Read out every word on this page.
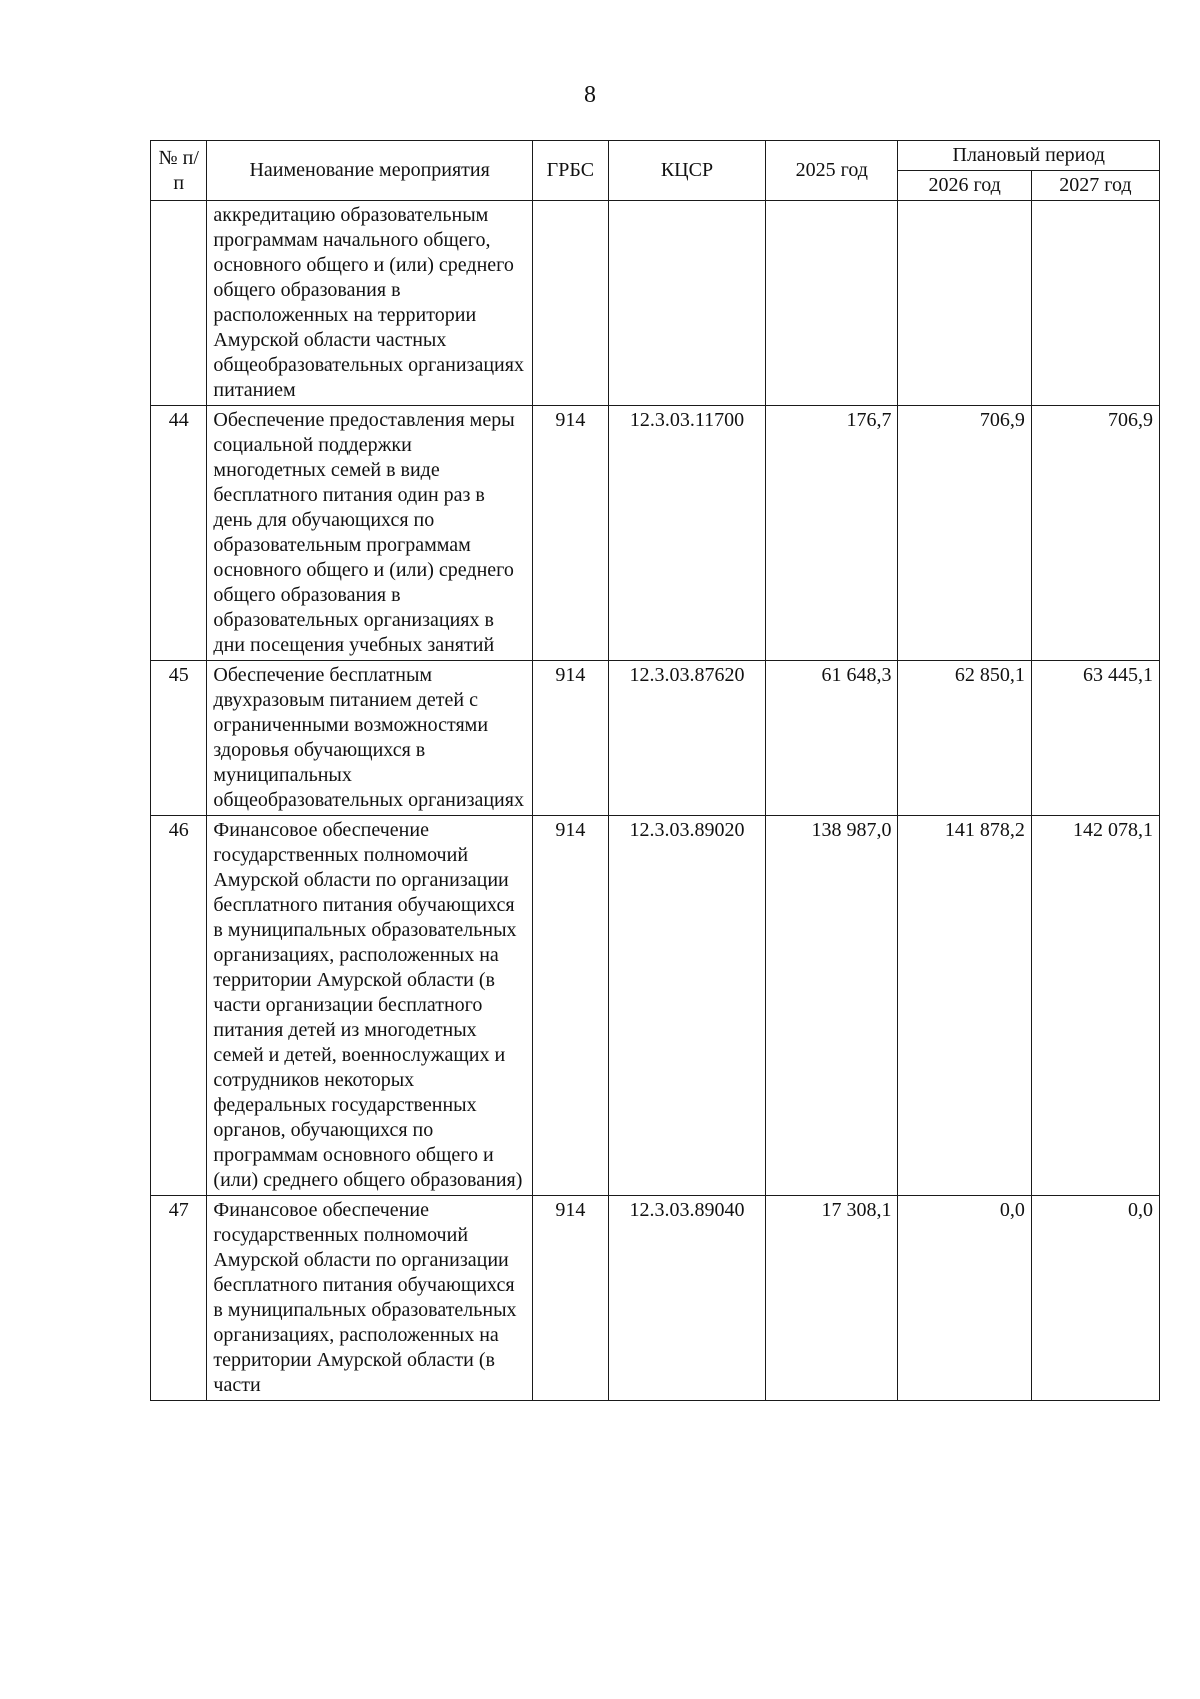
8
№ п/п	Наименование мероприятия	ГРБС	КЦСР	2025 год	Плановый период	
					2026 год	2027 год
	аккредитацию образовательным программам начального общего, основного общего и (или) среднего общего образования в расположенных на территории Амурской области частных общеобразовательных организациях питанием					
44	Обеспечение предоставления меры социальной поддержки многодетных семей в виде бесплатного питания один раз в день для обучающихся по образовательным программам основного общего и (или) среднего общего образования в образовательных организациях в дни посещения учебных занятий	914	12.3.03.11700	176,7	706,9	706,9
45	Обеспечение бесплатным двухразовым питанием детей с ограниченными возможностями здоровья обучающихся в муниципальных общеобразовательных организациях	914	12.3.03.87620	61 648,3	62 850,1	63 445,1
46	Финансовое обеспечение государственных полномочий Амурской области по организации бесплатного питания обучающихся в муниципальных образовательных организациях, расположенных на территории Амурской области (в части организации бесплатного питания детей из многодетных семей и детей, военнослужащих и сотрудников некоторых федеральных государственных органов, обучающихся по программам основного общего и (или) среднего общего образования)	914	12.3.03.89020	138 987,0	141 878,2	142 078,1
47	Финансовое обеспечение государственных полномочий Амурской области по организации бесплатного питания обучающихся в муниципальных образовательных организациях, расположенных на территории Амурской области (в части	914	12.3.03.89040	17 308,1	0,0	0,0
